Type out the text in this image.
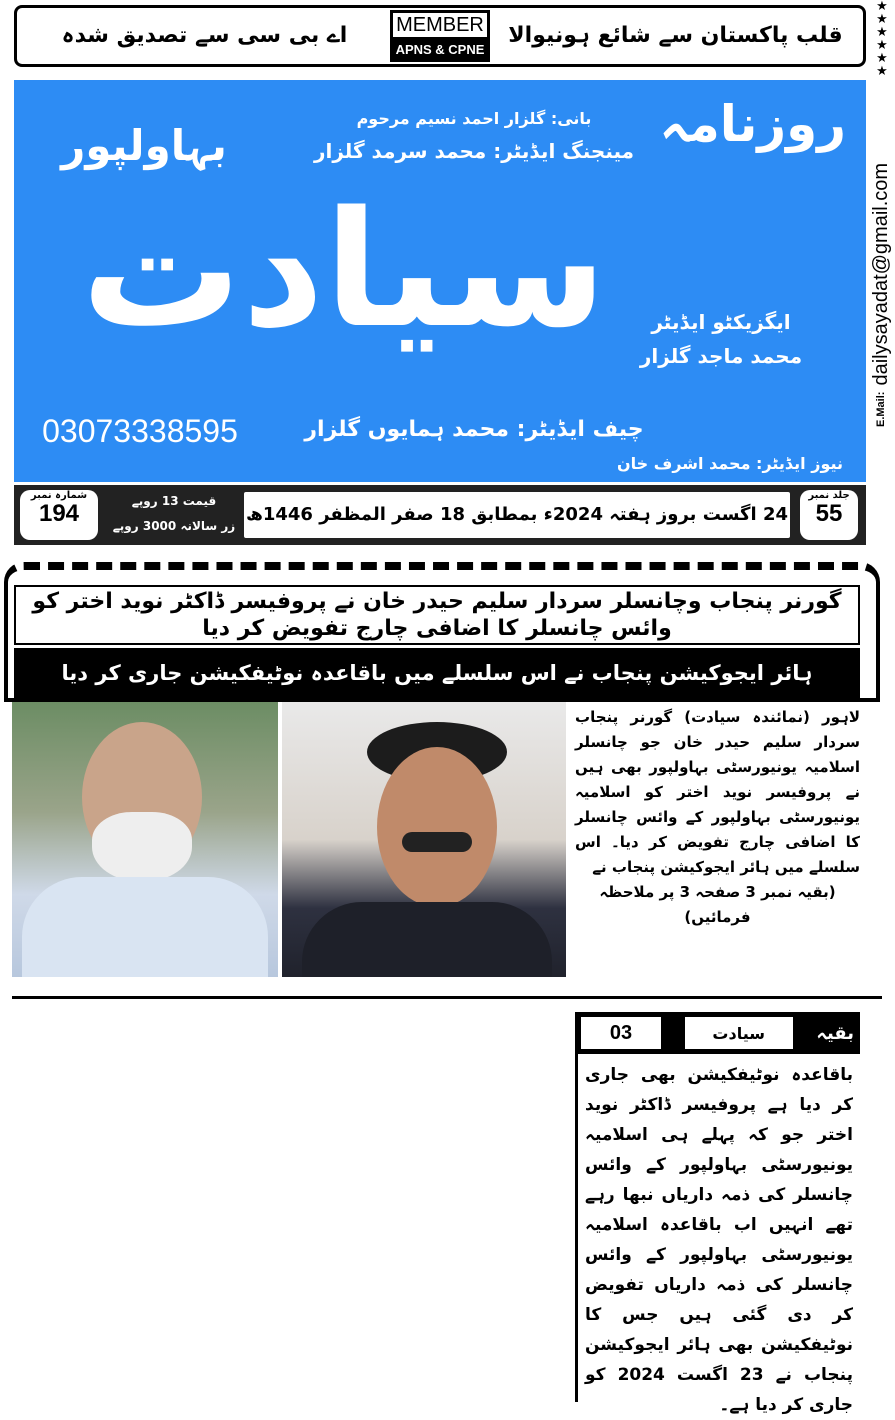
قلب پاکستان سے شائع ہونیوالا
MEMBER
APNS & CPNE
اے بی سی سے تصدیق شدہ
★★★★★★
E.Mail:dailysayadat@gmail.com
روزنامہ
بہاولپور
بانی: گلزار احمد نسیم مرحوم
مینجنگ ایڈیٹر: محمد سرمد گلزار
سیادت	ایگزیکٹو ایڈیٹر
محمد ماجد گلزار
چیف ایڈیٹر: محمد ہمایوں گلزار
03073338595
نیوز ایڈیٹر: محمد اشرف خان
جلد نمبر
55
24 اگست بروز ہفتہ 2024ء بمطابق 18 صفر المظفر 1446ھ
قیمت 13 روپے
زر سالانہ 3000 روپے
شمارہ نمبر
194
گورنر پنجاب وچانسلر سردار سلیم حیدر خان نے پروفیسر ڈاکٹر نوید اختر کو وائس چانسلر کا اضافی چارج تفویض کر دیا
ہائر ایجوکیشن پنجاب نے اس سلسلے میں باقاعدہ نوٹیفکیشن جاری کر دیا
لاہور (نمائندہ سیادت) گورنر پنجاب سردار سلیم حیدر خان جو چانسلر اسلامیہ یونیورسٹی بہاولپور بھی ہیں نے پروفیسر نوید اختر کو اسلامیہ یونیورسٹی بہاولپور کے وائس چانسلر کا اضافی چارج تفویض کر دیا۔ اس سلسلے میں ہائر ایجوکیشن پنجاب نے
(بقیہ نمبر 3 صفحہ 3 پر ملاحظہ فرمائیں)
بقیہ
سیادت
03
باقاعدہ نوٹیفکیشن بھی جاری کر دیا ہے پروفیسر ڈاکٹر نوید اختر جو کہ پہلے ہی اسلامیہ یونیورسٹی بہاولپور کے وائس چانسلر کی ذمہ داریاں نبھا رہے تھے انہیں اب باقاعدہ اسلامیہ یونیورسٹی بہاولپور کے وائس چانسلر کی ذمہ داریاں تفویض کر دی گئی ہیں جس کا نوٹیفکیشن بھی ہائر ایجوکیشن پنجاب نے 23 اگست 2024 کو جاری کر دیا ہے۔
